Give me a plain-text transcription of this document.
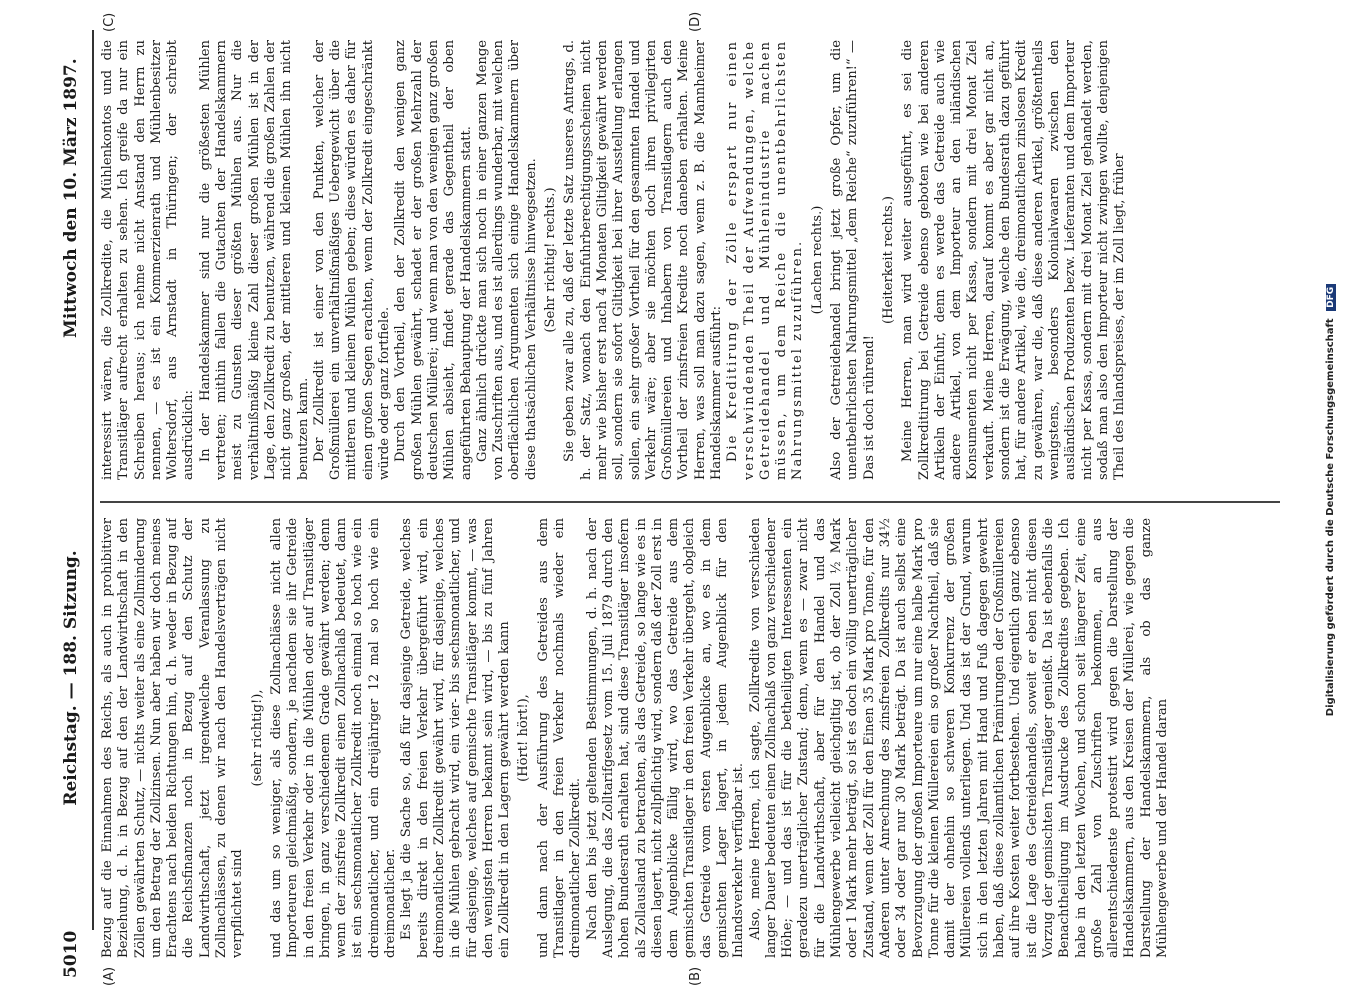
5010
Reichstag. — 188. Sitzung.
Mittwoch den 10. März 1897.
(A)	(B)
(C)	(D)

Bezug auf die Einnahmen des Reichs, als auch in prohibitiver Beziehung, d. h. in Bezug auf den der Landwirthschaft in den Zöllen gewährten Schutz, — nichts weiter als eine Zollminderung um den Betrag der Zollzinsen. Nun aber haben wir doch meines Erachtens nach beiden Richtungen hin, d. h. weder in Bezug auf die Reichsfinanzen noch in Bezug auf den Schutz der Landwirthschaft, jetzt irgendwelche Veranlassung zu Zollnachlässen, zu denen wir nach den Handelsverträgen nicht verpflichtet sind

(sehr richtig!), und das um so weniger, als diese Zollnachlässe nicht allen Importeuren gleichmäßig, sondern, je nachdem sie ihr Getreide in den freien Verkehr oder in die Mühlen oder auf Transitläger bringen, in ganz verschiedenem Grade gewährt werden; denn wenn der zinsfreie Zollkredit einen Zollnachlaß bedeutet, dann ist ein sechsmonatlicher Zollkredit noch einmal so hoch wie ein dreimonatlicher, und ein dreijähriger 12 mal so hoch wie ein dreimonatlicher. Es liegt ja die Sache so, daß für dasjenige Getreide, welches bereits direkt in den freien Verkehr übergeführt wird, ein dreimonatlicher Zollkredit gewährt wird, für dasjenige, welches in die Mühlen gebracht wird, ein vier- bis sechsmonatlicher, und für dasjenige, welches auf gemischte Transitläger kommt, — was den wenigsten Herren bekannt sein wird, — bis zu fünf Jahren ein Zollkredit in den Lagern gewährt werden kann (Hört! hört!), und dann nach der Ausführung des Getreides aus dem Transitlager in den freien Verkehr nochmals wieder ein dreimonatlicher Zollkredit. Nach den bis jetzt geltenden Bestimmungen, d. h. nach der Auslegung, die das Zolltarifgesetz vom 15. Juli 1879 durch den hohen Bundesrath erhalten hat, sind diese Transitläger insofern als Zollausland zu betrachten, als das Getreide, so lange wie es in diesen lagert, nicht zollpflichtig wird, sondern daß der Zoll erst in dem Augenblicke fällig wird, wo das Getreide aus dem gemischten Transitlager in den freien Verkehr übergeht, obgleich das Getreide vom ersten Augenblicke an, wo es in dem gemischten Lager lagert, in jedem Augenblick für den Inlandsverkehr verfügbar ist. Also, meine Herren, ich sagte, Zollkredite von verschieden langer Dauer bedeuten einen Zollnachlaß von ganz verschiedener Höhe; — und das ist für die betheiligten Interessenten ein geradezu unerträglicher Zustand; denn, wenn es — zwar nicht für die Landwirthschaft, aber für den Handel und das Mühlengewerbe vielleicht gleichgiltig ist, ob der Zoll ½ Mark oder 1 Mark mehr beträgt, so ist es doch ein völlig unerträglicher Zustand, wenn der Zoll für den Einen 35 Mark pro Tonne, für den Anderen unter Anrechnung des zinsfreien Zollkredits nur 34½ oder 34 oder gar nur 30 Mark beträgt. Da ist auch selbst eine Bevorzugung der großen Importeure um nur eine halbe Mark pro Tonne für die kleinen Müllereien ein so großer Nachtheil, daß sie damit der ohnehin so schweren Konkurrenz der großen Müllereien vollends unterliegen. Und das ist der Grund, warum sich in den letzten Jahren mit Hand und Fuß dagegen gewehrt haben, daß diese zollamtlichen Prämirungen der Großmüllereien auf ihre Kosten weiter fortbestehen. Und eigentlich ganz ebenso ist die Lage des Getreidehandels, soweit er eben nicht diesen Vorzug der gemischten Transitläger genießt. Da ist ebenfalls die Benachtheiligung im Ausdrucke des Zollkredites gegeben. Ich habe in den letzten Wochen, und schon seit längerer Zeit, eine große Zahl von Zuschriften bekommen, an aus allerentschiedenste protestirt wird gegen die Darstellung der Handelskammern, aus den Kreisen der Müllerei, wie gegen die Darstellung der Handelskammern, als ob das ganze Mühlengewerbe und der Handel daran

interessirt wären, die Zollkredite, die Mühlenkontos und die Transitläger aufrecht erhalten zu sehen. Ich greife da nur ein Schreiben heraus; ich nehme nicht Anstand den Herrn zu nennen, — es ist ein Kommerzienrath und Mühlenbesitzer Woltersdorf, aus Arnstadt in Thüringen; der schreibt ausdrücklich: In der Handelskammer sind nur die größesten Mühlen vertreten; mithin fallen die Gutachten der Handelskammern meist zu Gunsten dieser größten Mühlen aus. Nur die verhältnißmäßig kleine Zahl dieser großen Mühlen ist in der Lage, den Zollkredit zu benutzen, während die großen Zahlen der nicht ganz großen, der mittleren und kleinen Mühlen ihn nicht benutzen kann. Der Zollkredit ist einer von den Punkten, welcher der Großmüllerei ein unverhältnißmäßiges Uebergewicht über die mittleren und kleinen Mühlen geben; diese würden es daher für einen großen Segen erachten, wenn der Zollkredit eingeschränkt würde oder ganz fortfiele. Durch den Vortheil, den der Zollkredit den wenigen ganz großen Mühlen gewährt, schadet er der großen Mehrzahl der deutschen Müllerei; und wenn man von den wenigen ganz großen Mühlen absieht, findet gerade das Gegentheil der oben angeführten Behauptung der Handelskammern statt. Ganz ähnlich drückte man sich noch in einer ganzen Menge von Zuschriften aus, und es ist allerdings wunderbar, mit welchen oberflächlichen Argumenten sich einige Handelskammern über diese thatsächlichen Verhältnisse hinwegsetzen. (Sehr richtig! rechts.) Sie geben zwar alle zu, daß der letzte Satz unseres Antrags, d. h. der Satz, wonach den Einfuhrberechtigungsscheinen nicht mehr wie bisher erst nach 4 Monaten Giltigkeit gewährt werden soll, sondern sie sofort Giltigkeit bei ihrer Ausstellung erlangen sollen, ein sehr großer Vortheil für den gesammten Handel und Verkehr wäre; aber sie möchten doch ihren privilegirten Großmüllereien und Inhabern von Transitlagern auch den Vortheil der zinsfreien Kredite noch daneben erhalten. Meine Herren, was soll man dazu sagen, wenn z. B. die Mannheimer Handelskammer ausführt: Die Kreditirung der Zölle erspart nur einen verschwindenden Theil der Aufwendungen, welche Getreidehandel und Mühlenindustrie machen müssen, um dem Reiche die unentbehrlichsten Nahrungsmittel zuzuführen. (Lachen rechts.) Also der Getreidehandel bringt jetzt große Opfer, um die unentbehrlichsten Nahrungsmittel „dem Reiche“ zuzuführen!“ — Das ist doch rührend!

(Heiterkeit rechts.) Meine Herren, man wird weiter ausgeführt, es sei die Zollkreditirung bei Getreide ebenso geboten wie bei anderen Artikeln der Einfuhr, denn es werde das Getreide auch wie andere Artikel, von dem Importeur an den inländischen Konsumenten nicht per Kassa, sondern mit drei Monat Ziel verkauft. Meine Herren, darauf kommt es aber gar nicht an, sondern ist die Erwägung, welche den Bundesrath dazu geführt hat, für andere Artikel, wie die, dreimonatlichen zinslosen Kredit zu gewähren, war die, daß diese anderen Artikel, größtentheils wenigstens, besonders Kolonialwaaren zwischen den ausländischen Produzenten bezw. Lieferanten und dem Importeur nicht per Kassa, sondern mit drei Monat Ziel gehandelt werden, sodaß man also den Importeur nicht zwingen wollte, denjenigen Theil des Inlandspreises, der im Zoll liegt, früher

Digitalisierung gefördert durch die Deutsche Forschungsgemeinschaft DFG
